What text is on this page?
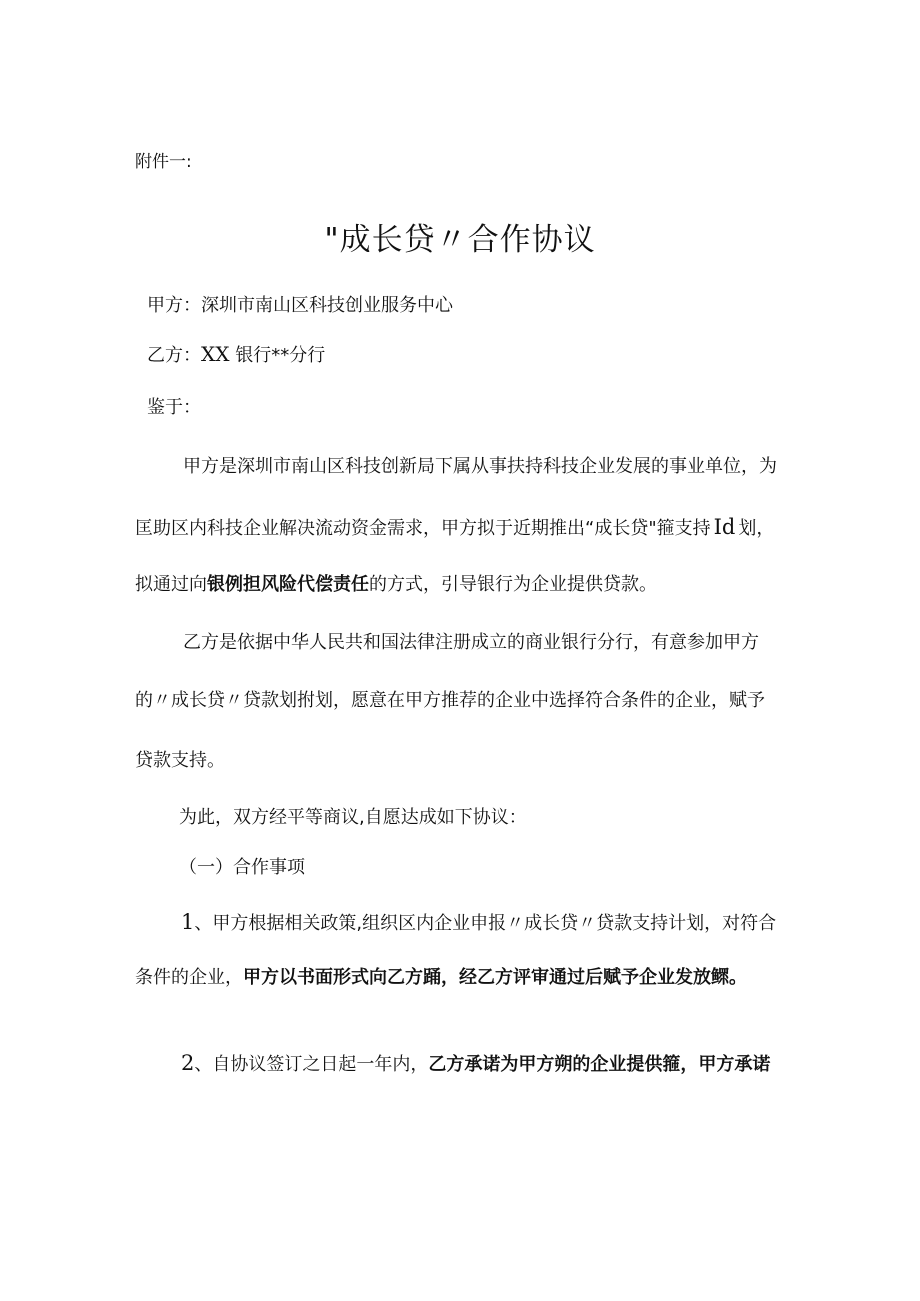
附件一:
"成长贷〃合作协议
甲方：深圳市南山区科技创业服务中心
乙方：XX 银行**分行
鉴于：
甲方是深圳市南山区科技创新局下属从事扶持科技企业发展的事业单位，为
匡助区内科技企业解决流动资金需求，甲方拟于近期推出“成长贷"箍支持 Id 划，
拟通过向银例担风险代偿责任的方式，引导银行为企业提供贷款。
乙方是依据中华人民共和国法律注册成立的商业银行分行，有意参加甲方
的〃成长贷〃贷款划拊划，愿意在甲方推荐的企业中选择符合条件的企业，赋予
贷款支持。
为此，双方经平等商议,自愿达成如下协议：
（一）合作事项
1、甲方根据相关政策,组织区内企业申报〃成长贷〃贷款支持计划，对符合
条件的企业，甲方以书面形式向乙方踊，经乙方评审通过后赋予企业发放鳏。
2、自协议签订之日起一年内，乙方承诺为甲方朔的企业提供箍，甲方承诺
